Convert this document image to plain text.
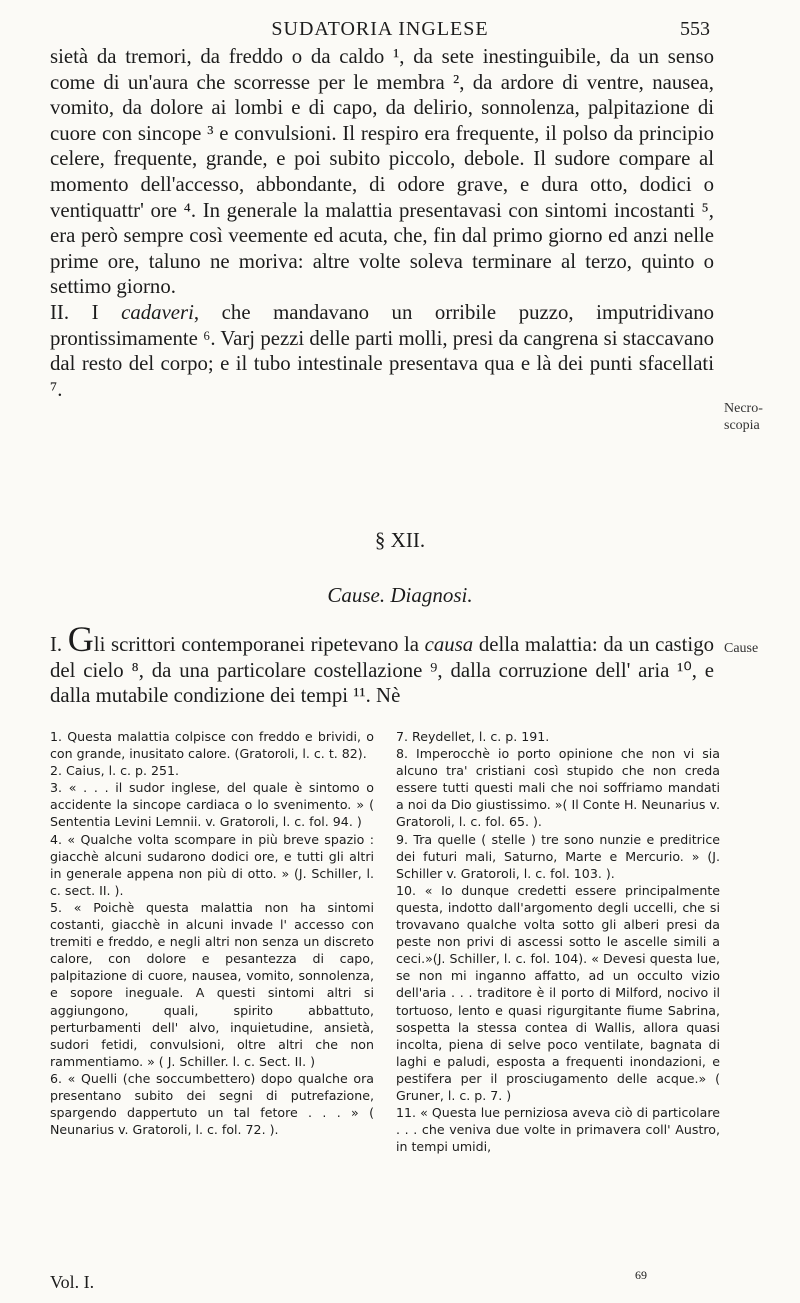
SUDATORIA INGLESE	553

sietà da tremori, da freddo o da caldo ¹, da sete inestinguibile, da un senso come di un'aura che scorresse per le membra ², da ardore di ventre, nausea, vomito, da dolore ai lombi e di capo, da delirio, sonnolenza, palpitazione di cuore con sincope ³ e convulsioni. Il respiro era frequente, il polso da principio celere, frequente, grande, e poi subito piccolo, debole. Il sudore compare al momento dell'accesso, abbondante, di odore grave, e dura otto, dodici o ventiquattr' ore ⁴. In generale la malattia presentavasi con sintomi incostanti ⁵, era però sempre così veemente ed acuta, che, fin dal primo giorno ed anzi nelle prime ore, taluno ne moriva: altre volte soleva terminare al terzo, quinto o settimo giorno.

II. I cadaveri, che mandavano un orribile puzzo, imputridivano prontissimamente ⁶. Varj pezzi delle parti molli, presi da cangrena si staccavano dal resto del corpo; e il tubo intestinale presentava qua e là dei punti sfacellati ⁷.

Necro-
scopia
§ XII.
Cause. Diagnosi.
I. Gli scrittori contemporanei ripetevano la causa della malattia: da un castigo del cielo ⁸, da una particolare costellazione ⁹, dalla corruzione dell' aria ¹⁰, e dalla mutabile condizione dei tempi ¹¹. Nè
Cause

1. Questa malattia colpisce con freddo e brividi, o con grande, inusitato calore. (Gratoroli, l. c. t. 82).

2. Caius, l. c. p. 251.

3. « . . . il sudor inglese, del quale è sintomo o accidente la sincope cardiaca o lo svenimento. » ( Sententia Levini Lemnii. v. Gratoroli, l. c. fol. 94. )

4. « Qualche volta scompare in più breve spazio : giacchè alcuni sudarono dodici ore, e tutti gli altri in generale appena non più di otto. » (J. Schiller, l. c. sect. II. ).

5. « Poichè questa malattia non ha sintomi costanti, giacchè in alcuni invade l' accesso con tremiti e freddo, e negli altri non senza un discreto calore, con dolore e pesantezza di capo, palpitazione di cuore, nausea, vomito, sonnolenza, e sopore ineguale. A questi sintomi altri si aggiungono, quali, spirito abbattuto, perturbamenti dell' alvo, inquietudine, ansietà, sudori fetidi, convulsioni, oltre altri che non rammentiamo. » ( J. Schiller. l. c. Sect. II. )

6. « Quelli (che soccumbettero) dopo qualche ora presentano subito dei segni di putrefazione, spargendo dappertuto un tal fetore . . . » ( Neunarius v. Gratoroli, l. c. fol. 72. ).

7. Reydellet, l. c. p. 191.

8. Imperocchè io porto opinione che non vi sia alcuno tra' cristiani così stupido che non creda essere tutti questi mali che noi soffriamo mandati a noi da Dio giustissimo. »( Il Conte H. Neunarius v. Gratoroli, l. c. fol. 65. ).

9. Tra quelle ( stelle ) tre sono nunzie e preditrice dei futuri mali, Saturno, Marte e Mercurio. » (J. Schiller v. Gratoroli, l. c. fol. 103. ).

10. « Io dunque credetti essere principalmente questa, indotto dall'argomento degli uccelli, che si trovavano qualche volta sotto gli alberi presi da peste non privi di ascessi sotto le ascelle simili a ceci.»(J. Schiller, l. c. fol. 104). « Devesi questa lue, se non mi inganno affatto, ad un occulto vizio dell'aria . . . traditore è il porto di Milford, nocivo il tortuoso, lento e quasi rigurgitante fiume Sabrina, sospetta la stessa contea di Wallis, allora quasi incolta, piena di selve poco ventilate, bagnata di laghi e paludi, esposta a frequenti inondazioni, e pestifera per il prosciugamento delle acque.» ( Gruner, l. c. p. 7. )

11. « Questa lue perniziosa aveva ciò di particolare . . . che veniva due volte in primavera coll' Austro, in tempi umidi,

Vol. I.	69
